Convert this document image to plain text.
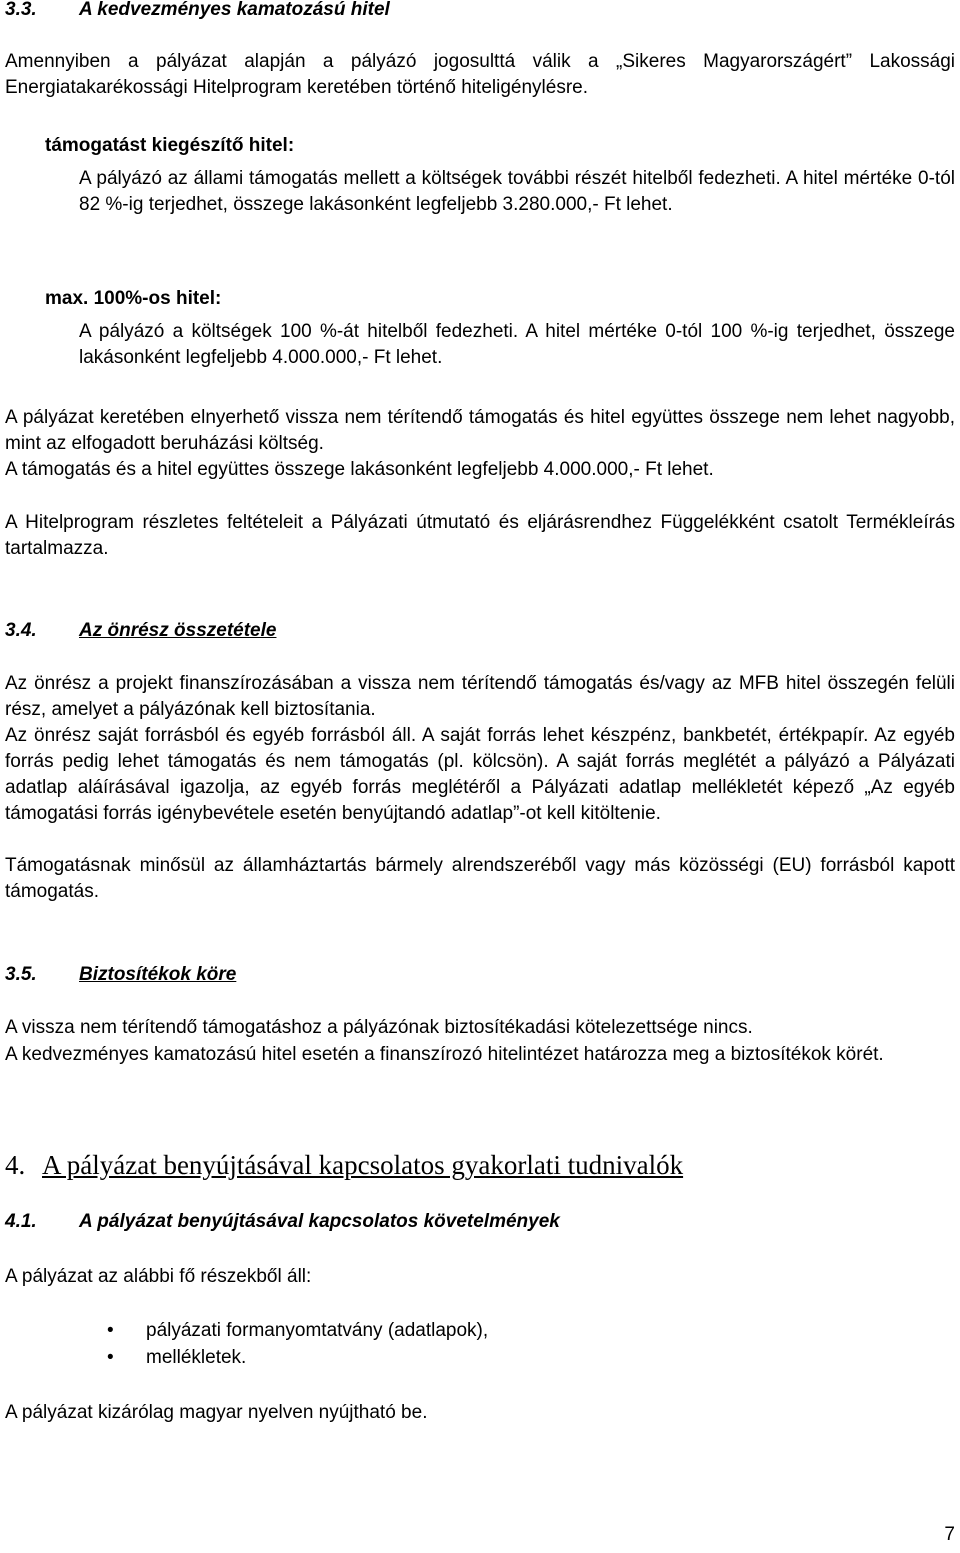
3.3. A kedvezményes kamatozású hitel

Amennyiben a pályázat alapján a pályázó jogosulttá válik a „Sikeres Magyarországért” Lakossági Energiatakarékossági Hitelprogram keretében történő hiteligénylésre.

támogatást kiegészítő hitel:

A pályázó az állami támogatás mellett a költségek további részét hitelből fedezheti. A hitel mértéke 0-tól 82 %-ig terjedhet, összege lakásonként legfeljebb 3.280.000,- Ft lehet.

max. 100%-os hitel:

A pályázó a költségek 100 %-át hitelből fedezheti. A hitel mértéke 0-tól 100 %-ig terjedhet, összege lakásonként legfeljebb 4.000.000,- Ft lehet.

A pályázat keretében elnyerhető vissza nem térítendő támogatás és hitel együttes összege nem lehet nagyobb, mint az elfogadott beruházási költség.

A támogatás és a hitel együttes összege lakásonként legfeljebb 4.000.000,- Ft lehet.

A Hitelprogram részletes feltételeit a Pályázati útmutató és eljárásrendhez Függelékként csatolt Termékleírás tartalmazza.

3.4. Az önrész összetétele

Az önrész a projekt finanszírozásában a vissza nem térítendő támogatás és/vagy az MFB hitel összegén felüli rész, amelyet a pályázónak kell biztosítania.

Az önrész saját forrásból és egyéb forrásból áll. A saját forrás lehet készpénz, bankbetét, értékpapír. Az egyéb forrás pedig lehet támogatás és nem támogatás (pl. kölcsön). A saját forrás meglétét a pályázó a Pályázati adatlap aláírásával igazolja, az egyéb forrás meglétéről a Pályázati adatlap mellékletét képező „Az egyéb támogatási forrás igénybevétele esetén benyújtandó adatlap”-ot kell kitöltenie.

Támogatásnak minősül az államháztartás bármely alrendszeréből vagy más közösségi (EU) forrásból kapott támogatás.

3.5. Biztosítékok köre

A vissza nem térítendő támogatáshoz a pályázónak biztosítékadási kötelezettsége nincs.

A kedvezményes kamatozású hitel esetén a finanszírozó hitelintézet határozza meg a biztosítékok körét.

4. A pályázat benyújtásával kapcsolatos gyakorlati tudnivalók
4.1. A pályázat benyújtásával kapcsolatos követelmények

A pályázat az alábbi fő részekből áll:

• pályázati formanyomtatvány (adatlapok),
• mellékletek.

A pályázat kizárólag magyar nyelven nyújtható be.

7
